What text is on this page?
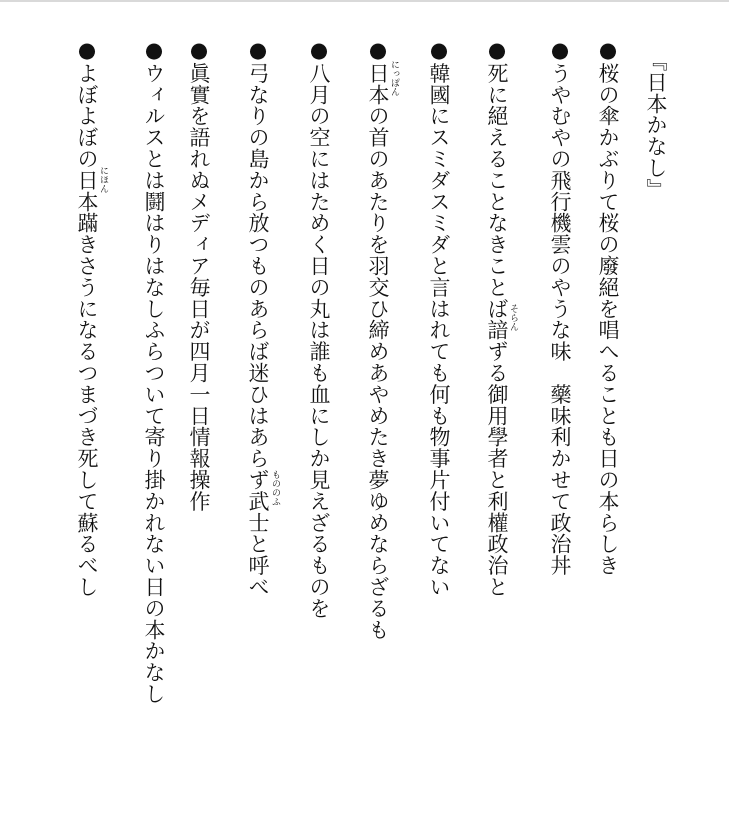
『日本かなし』
●桜の傘かぶりて桜の廢絕を唱へることも日の本らしき
●うやむやの飛行機雲のやうな味　藥味利かせて政治丼
●死に絕えることなきことば諳ずる御用學者と利權政治と そらん
●韓國にスミダスミダと言はれても何も物事片付いてない
●日本の首のあたりを羽交ひ締めあやめたき夢ゆめならざるも にっぽん
●八月の空にはためく日の丸は誰も血にしか見えざるものを
●弓なりの島から放つものあらば迷ひはあらず武士と呼べ もののふ
●眞實を語れぬメディア毎日が四月一日情報操作
●ウィルスとは鬪はりはなしふらついて寄り掛かれない日の本かなし
●よぼよぼの日本蹣きさうになるつまづき死して蘇るべし にほん
